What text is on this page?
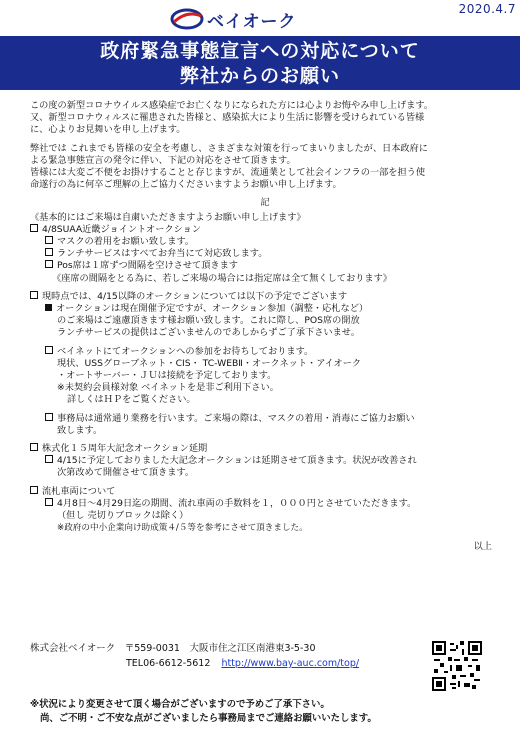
2020.4.7
ベイオーク
政府緊急事態宣言への対応について
弊社からのお願い
この度の新型コロナウイルス感染症でお亡くなりになられた方には心よりお悔やみ申し上げます。
又、新型コロナウィルスに罹患された皆様と、感染拡大により生活に影響を受けられている皆様
に、心よりお見舞いを申し上げます。
弊社では これまでも皆様の安全を考慮し、さまざまな対策を行ってまいりましたが、日本政府に
よる緊急事態宣言の発令に伴い、下記の対応をさせて頂きます。
皆様には大変ご不便をお掛けすることと存じますが、流通業として社会インフラの一部を担う使
命遂行の為に何卒ご理解の上ご協力くださいますようお願い申し上げます。
記
《基本的にはご来場は自粛いただきますようお願い申し上げます》
4/8SUAA近畿ジョイントオークション
マスクの着用をお願い致します。
ランチサービスはすべてお弁当にて対応致します。
Pos席は１席ずつ間隔を空けさせて頂きます
《座席の間隔をとる為に、若しご来場の場合には指定席は全て無くしております》
現時点では、4/15以降のオークションについては以下の予定でございます
オークションは現在開催予定ですが、オークション参加（調整・応札など）
のご来場はご遠慮頂きます様お願い致します。これに際し、POS席の開放
ランチサービスの提供はございませんのであしからずご了承下さいませ。
ベイネットにてオークションへの参加をお待ちしております。
現状、USSグローブネット・CIS・ TC-WEBⅡ・オークネット・アイオーク
・オートサーバー・ＪＵは接続を予定しております。
※未契約会員様対象 ベイネットを是非ご利用下さい。
詳しくはＨＰをご覧ください。
事務局は通常通り業務を行います。ご来場の際は、マスクの着用・消毒にご協力お願い
致します。
株式化１５周年大記念オークション延期
4/15に予定しておりました大記念オークションは延期させて頂きます。状況が改善され
次第改めて開催させて頂きます。
流札車両について
4月8日～4月29日迄の期間、流れ車両の手数料を１，０００円とさせていただきます。
（但し 売切りブロックは除く）
※政府の中小企業向け助成策４/５等を参考にさせて頂きました。
以上
株式会社ベイオーク　〒559-0031　大阪市住之江区南港東3-5-30
TEL06-6612-5612 http://www.bay-auc.com/top/
※状況により変更させて頂く場合がございますので予めご了承下さい。
尚、ご不明・ご不安な点がございましたら事務局までご連絡お願いいたします。
